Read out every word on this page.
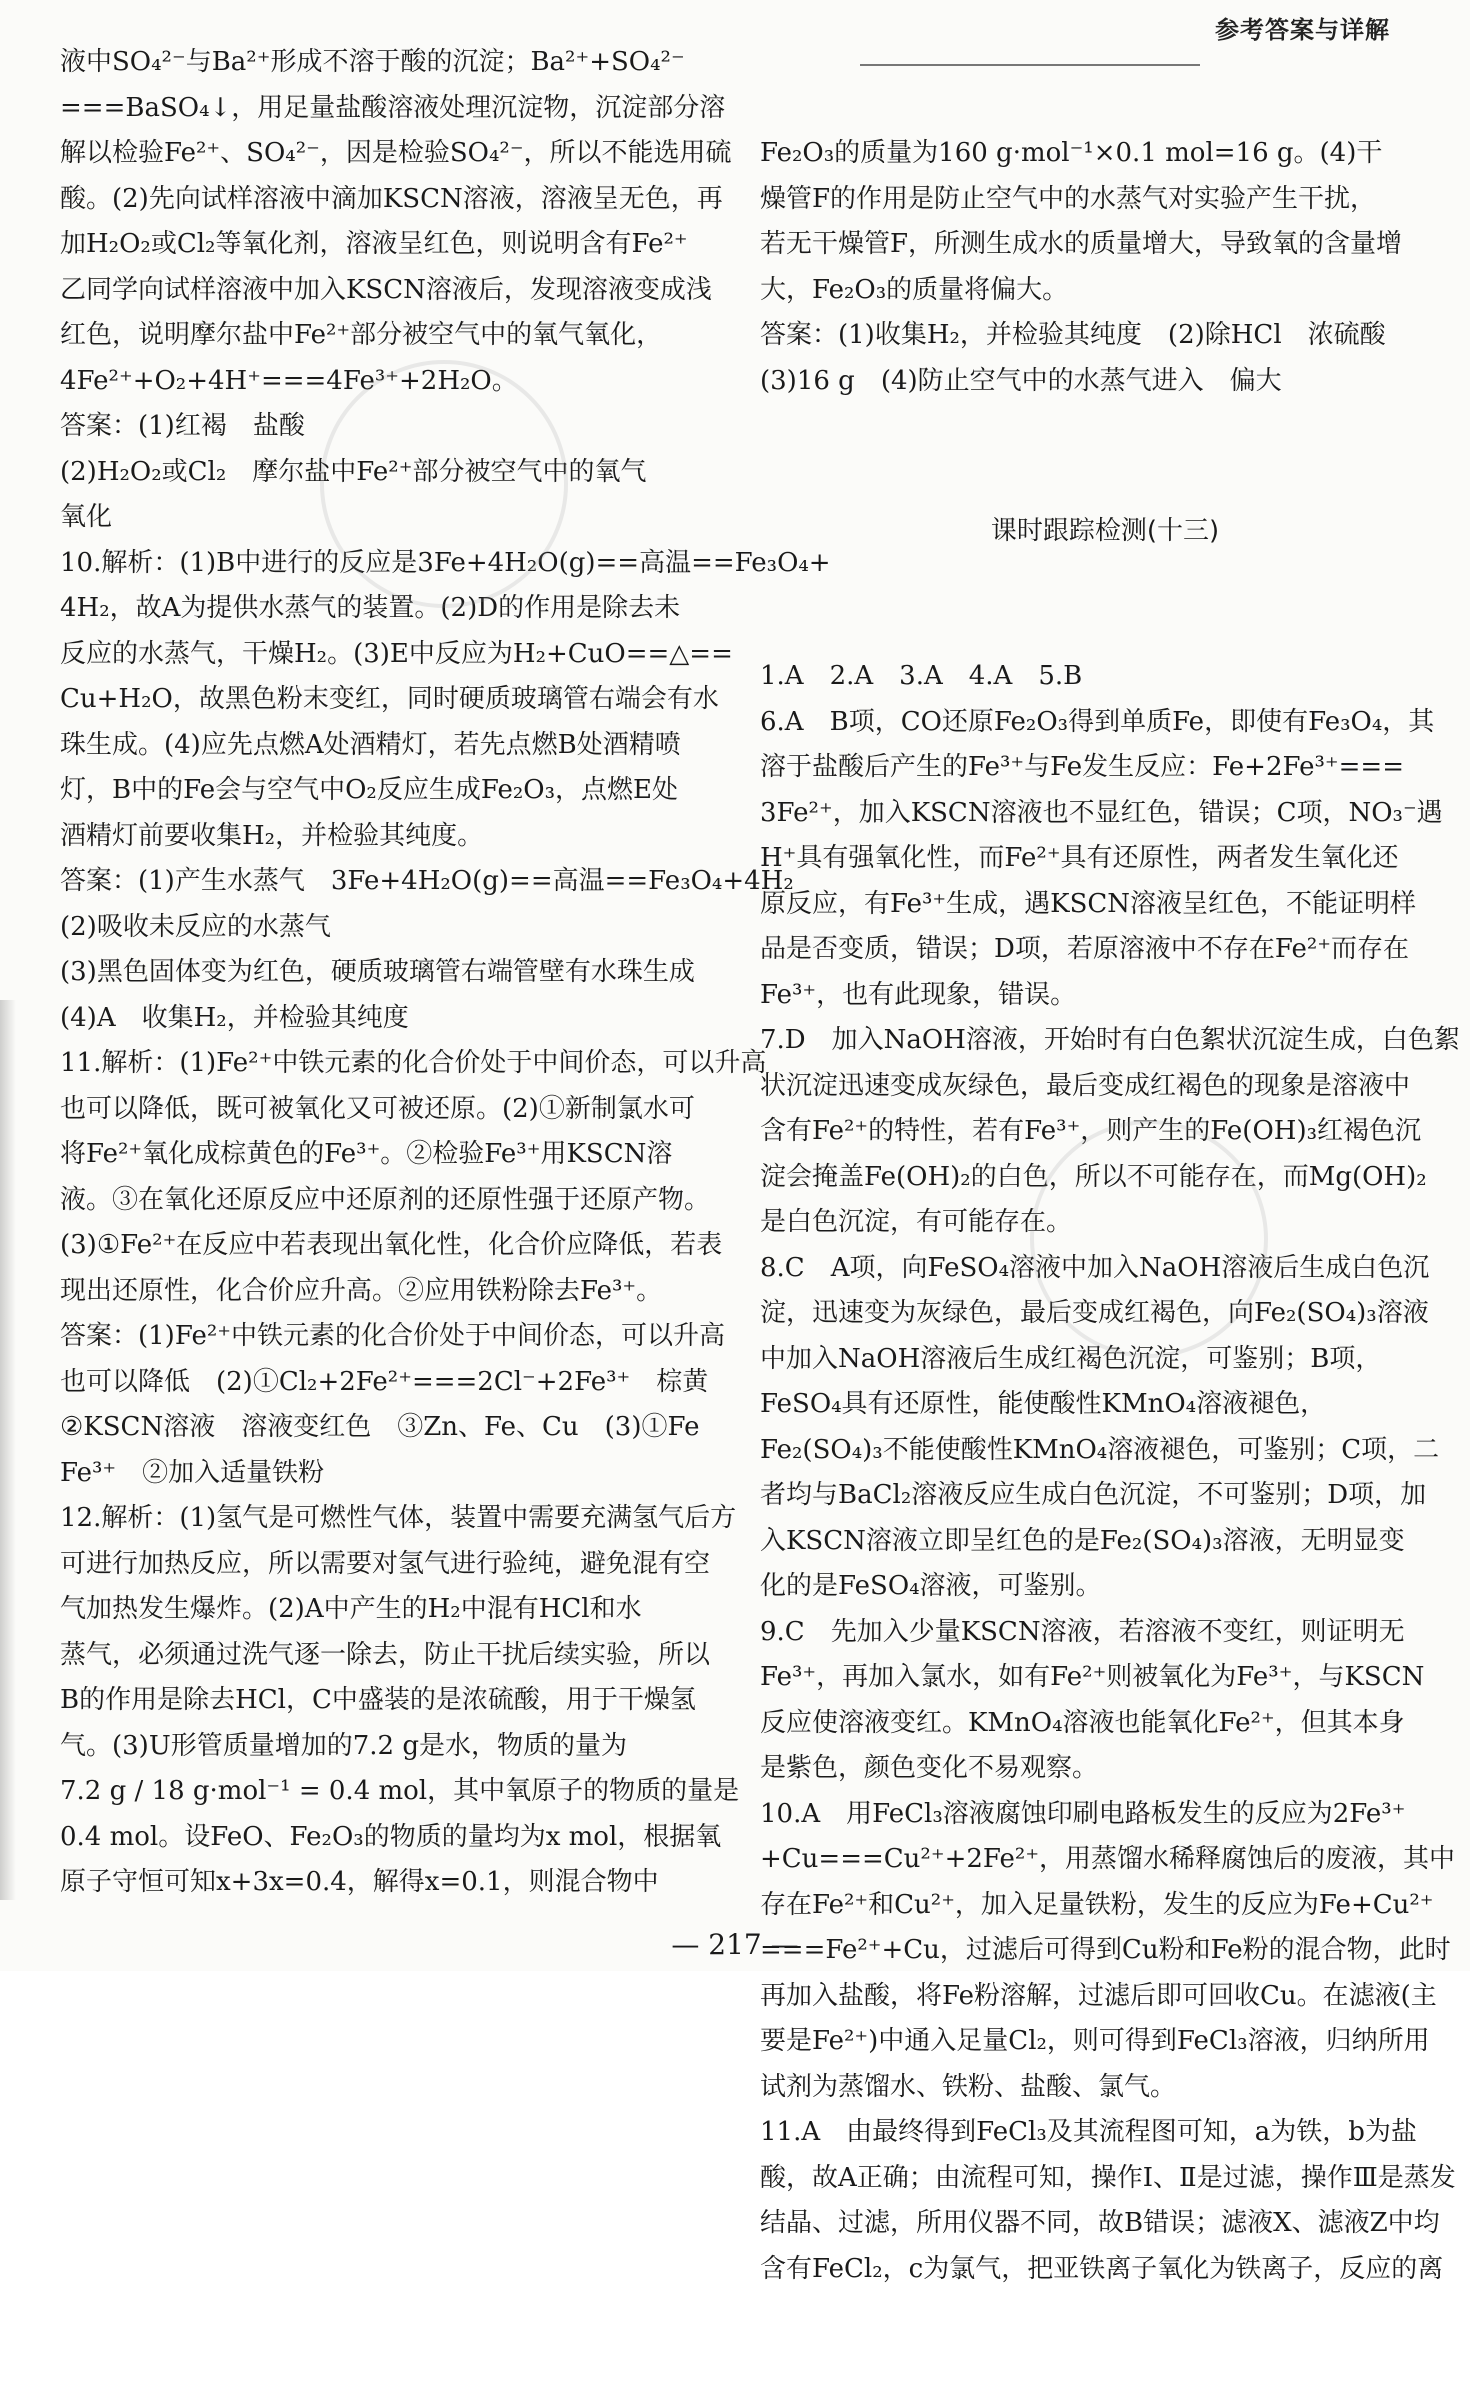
参考答案与详解
液中SO₄²⁻与Ba²⁺形成不溶于酸的沉淀；Ba²⁺+SO₄²⁻
===BaSO₄↓，用足量盐酸溶液处理沉淀物，沉淀部分溶
解以检验Fe²⁺、SO₄²⁻，因是检验SO₄²⁻，所以不能选用硫
酸。(2)先向试样溶液中滴加KSCN溶液，溶液呈无色，再
加H₂O₂或Cl₂等氧化剂，溶液呈红色，则说明含有Fe²⁺
乙同学向试样溶液中加入KSCN溶液后，发现溶液变成浅
红色，说明摩尔盐中Fe²⁺部分被空气中的氧气氧化，
4Fe²⁺+O₂+4H⁺===4Fe³⁺+2H₂O。
答案：(1)红褐　盐酸
(2)H₂O₂或Cl₂　摩尔盐中Fe²⁺部分被空气中的氧气
氧化
10.解析：(1)B中进行的反应是3Fe+4H₂O(g)==高温==Fe₃O₄+
4H₂，故A为提供水蒸气的装置。(2)D的作用是除去未
反应的水蒸气，干燥H₂。(3)E中反应为H₂+CuO==△==
Cu+H₂O，故黑色粉末变红，同时硬质玻璃管右端会有水
珠生成。(4)应先点燃A处酒精灯，若先点燃B处酒精喷
灯，B中的Fe会与空气中O₂反应生成Fe₂O₃，点燃E处
酒精灯前要收集H₂，并检验其纯度。
答案：(1)产生水蒸气　3Fe+4H₂O(g)==高温==Fe₃O₄+4H₂
(2)吸收未反应的水蒸气
(3)黑色固体变为红色，硬质玻璃管右端管壁有水珠生成
(4)A　收集H₂，并检验其纯度
11.解析：(1)Fe²⁺中铁元素的化合价处于中间价态，可以升高
也可以降低，既可被氧化又可被还原。(2)①新制氯水可
将Fe²⁺氧化成棕黄色的Fe³⁺。②检验Fe³⁺用KSCN溶
液。③在氧化还原反应中还原剂的还原性强于还原产物。
(3)①Fe²⁺在反应中若表现出氧化性，化合价应降低，若表
现出还原性，化合价应升高。②应用铁粉除去Fe³⁺。
答案：(1)Fe²⁺中铁元素的化合价处于中间价态，可以升高
也可以降低　(2)①Cl₂+2Fe²⁺===2Cl⁻+2Fe³⁺　棕黄
②KSCN溶液　溶液变红色　③Zn、Fe、Cu　(3)①Fe
Fe³⁺　②加入适量铁粉
12.解析：(1)氢气是可燃性气体，装置中需要充满氢气后方
可进行加热反应，所以需要对氢气进行验纯，避免混有空
气加热发生爆炸。(2)A中产生的H₂中混有HCl和水
蒸气，必须通过洗气逐一除去，防止干扰后续实验，所以
B的作用是除去HCl，C中盛装的是浓硫酸，用于干燥氢
气。(3)U形管质量增加的7.2 g是水，物质的量为
7.2 g / 18 g·mol⁻¹ = 0.4 mol，其中氧原子的物质的量是
0.4 mol。设FeO、Fe₂O₃的物质的量均为x mol，根据氧
原子守恒可知x+3x=0.4，解得x=0.1，则混合物中

Fe₂O₃的质量为160 g·mol⁻¹×0.1 mol=16 g。(4)干
燥管F的作用是防止空气中的水蒸气对实验产生干扰，
若无干燥管F，所测生成水的质量增大，导致氧的含量增
大，Fe₂O₃的质量将偏大。
答案：(1)收集H₂，并检验其纯度　(2)除HCl　浓硫酸
(3)16 g　(4)防止空气中的水蒸气进入　偏大

课时跟踪检测(十三)

1.A　2.A　3.A　4.A　5.B
6.A　B项，CO还原Fe₂O₃得到单质Fe，即使有Fe₃O₄，其
溶于盐酸后产生的Fe³⁺与Fe发生反应：Fe+2Fe³⁺===
3Fe²⁺，加入KSCN溶液也不显红色，错误；C项，NO₃⁻遇
H⁺具有强氧化性，而Fe²⁺具有还原性，两者发生氧化还
原反应，有Fe³⁺生成，遇KSCN溶液呈红色，不能证明样
品是否变质，错误；D项，若原溶液中不存在Fe²⁺而存在
Fe³⁺，也有此现象，错误。
7.D　加入NaOH溶液，开始时有白色絮状沉淀生成，白色絮
状沉淀迅速变成灰绿色，最后变成红褐色的现象是溶液中
含有Fe²⁺的特性，若有Fe³⁺，则产生的Fe(OH)₃红褐色沉
淀会掩盖Fe(OH)₂的白色，所以不可能存在，而Mg(OH)₂
是白色沉淀，有可能存在。
8.C　A项，向FeSO₄溶液中加入NaOH溶液后生成白色沉
淀，迅速变为灰绿色，最后变成红褐色，向Fe₂(SO₄)₃溶液
中加入NaOH溶液后生成红褐色沉淀，可鉴别；B项，
FeSO₄具有还原性，能使酸性KMnO₄溶液褪色，
Fe₂(SO₄)₃不能使酸性KMnO₄溶液褪色，可鉴别；C项，二
者均与BaCl₂溶液反应生成白色沉淀，不可鉴别；D项，加
入KSCN溶液立即呈红色的是Fe₂(SO₄)₃溶液，无明显变
化的是FeSO₄溶液，可鉴别。
9.C　先加入少量KSCN溶液，若溶液不变红，则证明无
Fe³⁺，再加入氯水，如有Fe²⁺则被氧化为Fe³⁺，与KSCN
反应使溶液变红。KMnO₄溶液也能氧化Fe²⁺，但其本身
是紫色，颜色变化不易观察。
10.A　用FeCl₃溶液腐蚀印刷电路板发生的反应为2Fe³⁺
+Cu===Cu²⁺+2Fe²⁺，用蒸馏水稀释腐蚀后的废液，其中
存在Fe²⁺和Cu²⁺，加入足量铁粉，发生的反应为Fe+Cu²⁺
===Fe²⁺+Cu，过滤后可得到Cu粉和Fe粉的混合物，此时
再加入盐酸，将Fe粉溶解，过滤后即可回收Cu。在滤液(主
要是Fe²⁺)中通入足量Cl₂，则可得到FeCl₃溶液，归纳所用
试剂为蒸馏水、铁粉、盐酸、氯气。
11.A　由最终得到FeCl₃及其流程图可知，a为铁，b为盐
酸，故A正确；由流程可知，操作Ⅰ、Ⅱ是过滤，操作Ⅲ是蒸发
结晶、过滤，所用仪器不同，故B错误；滤液X、滤液Z中均
含有FeCl₂，c为氯气，把亚铁离子氧化为铁离子，反应的离

— 217 —
